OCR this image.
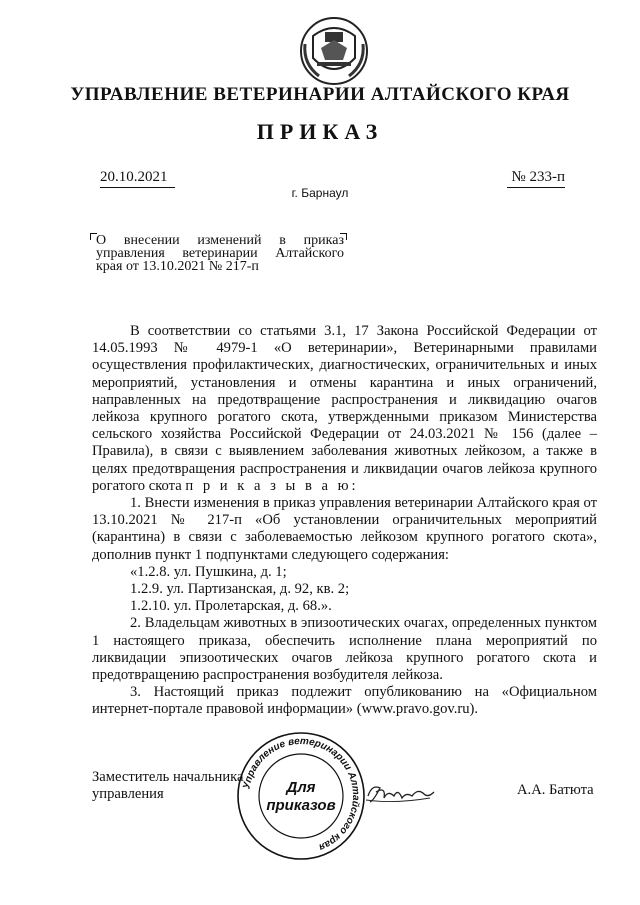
УПРАВЛЕНИЕ ВЕТЕРИНАРИИ АЛТАЙСКОГО КРАЯ
ПРИКАЗ
20.10.2021	№ 233-п
г. Барнаул
О внесении изменений в приказ управления ветеринарии Алтайского края от 13.10.2021 № 217-п

В соответствии со статьями 3.1, 17 Закона Российской Федерации от 14.05.1993 № 4979-1 «О ветеринарии», Ветеринарными правилами осуществления профилактических, диагностических, ограничительных и иных мероприятий, установления и отмены карантина и иных ограничений, направленных на предотвращение распространения и ликвидацию очагов лейкоза крупного рогатого скота, утвержденными приказом Министерства сельского хозяйства Российской Федерации от 24.03.2021 № 156 (далее – Правила), в связи с выявлением заболевания животных лейкозом, а также в целях предотвращения распространения и ликвидации очагов лейкоза крупного рогатого скота п р и к а з ы в а ю:

1. Внести изменения в приказ управления ветеринарии Алтайского края от 13.10.2021 № 217-п «Об установлении ограничительных мероприятий (карантина) в связи с заболеваемостью лейкозом крупного рогатого скота», дополнив пункт 1 подпунктами следующего содержания:

«1.2.8. ул. Пушкина, д. 1;

1.2.9. ул. Партизанская, д. 92, кв. 2;

1.2.10. ул. Пролетарская, д. 68.».

2. Владельцам животных в эпизоотических очагах, определенных пунктом 1 настоящего приказа, обеспечить исполнение плана мероприятий по ликвидации эпизоотических очагов лейкоза крупного рогатого скота и предотвращению распространения возбудителя лейкоза.

3. Настоящий приказ подлежит опубликованию на «Официальном интернет-портале правовой информации» (www.pravo.gov.ru).

Заместитель начальника
управления
Управление ветеринарии Алтайского края
Для
приказов
А.А. Батюта
